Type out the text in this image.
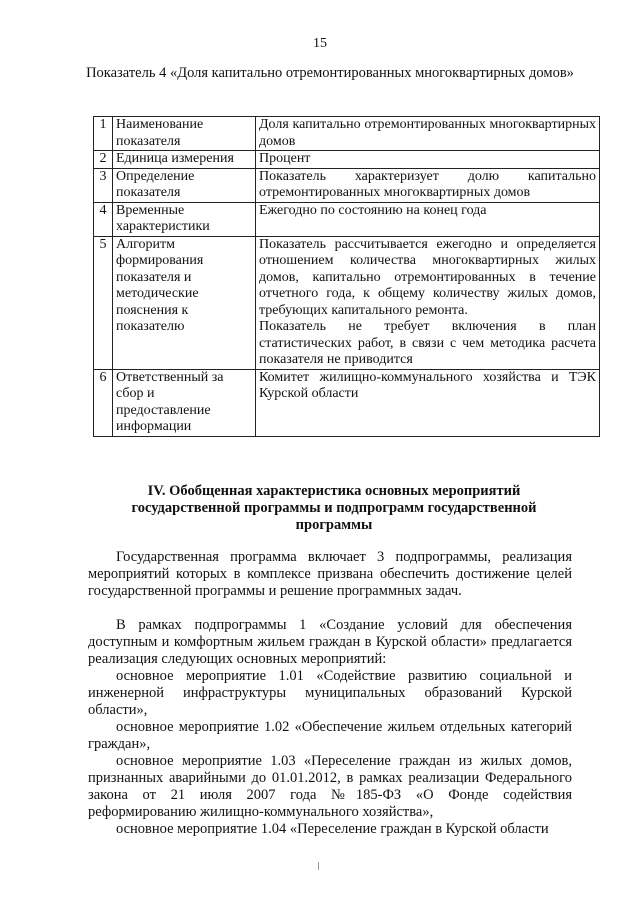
15
Показатель 4 «Доля капитально отремонтированных многоквартирных домов»
1	Наименование показателя	Доля капитально отремонтированных многоквартирных домов

2	Единица измерения	Процент

3	Определение показателя	Показатель характеризует долю капитально отремонтированных многоквартирных домов

4	Временные характеристики	Ежегодно по состоянию на конец года

5	Алгоритм формирования показателя и методические пояснения к показателю	Показатель рассчитывается ежегодно и определяется отношением количества многоквартирных жилых домов, капитально отремонтированных в течение отчетного года, к общему количеству жилых домов, требующих капитального ремонта.
Показатель не требует включения в план статистических работ, в связи с чем методика расчета показателя не приводится

6	Ответственный за сбор и предоставление информации	Комитет жилищно-коммунального хозяйства и ТЭК Курской области
IV. Обобщенная характеристика основных мероприятий государственной программы и подпрограмм государственной программы

Государственная программа включает 3 подпрограммы, реализация мероприятий которых в комплексе призвана обеспечить достижение целей государственной программы и решение программных задач.

В рамках подпрограммы 1 «Создание условий для обеспечения доступным и комфортным жильем граждан в Курской области» предлагается реализация следующих основных мероприятий:

основное мероприятие 1.01 «Содействие развитию социальной и инженерной инфраструктуры муниципальных образований Курской области»,

основное мероприятие 1.02 «Обеспечение жильем отдельных категорий граждан»,

основное мероприятие 1.03 «Переселение граждан из жилых домов, признанных аварийными до 01.01.2012, в рамках реализации Федерального закона от 21 июля 2007 года №185-ФЗ «О Фонде содействия реформированию жилищно-коммунального хозяйства»,

основное мероприятие 1.04 «Переселение граждан в Курской области
